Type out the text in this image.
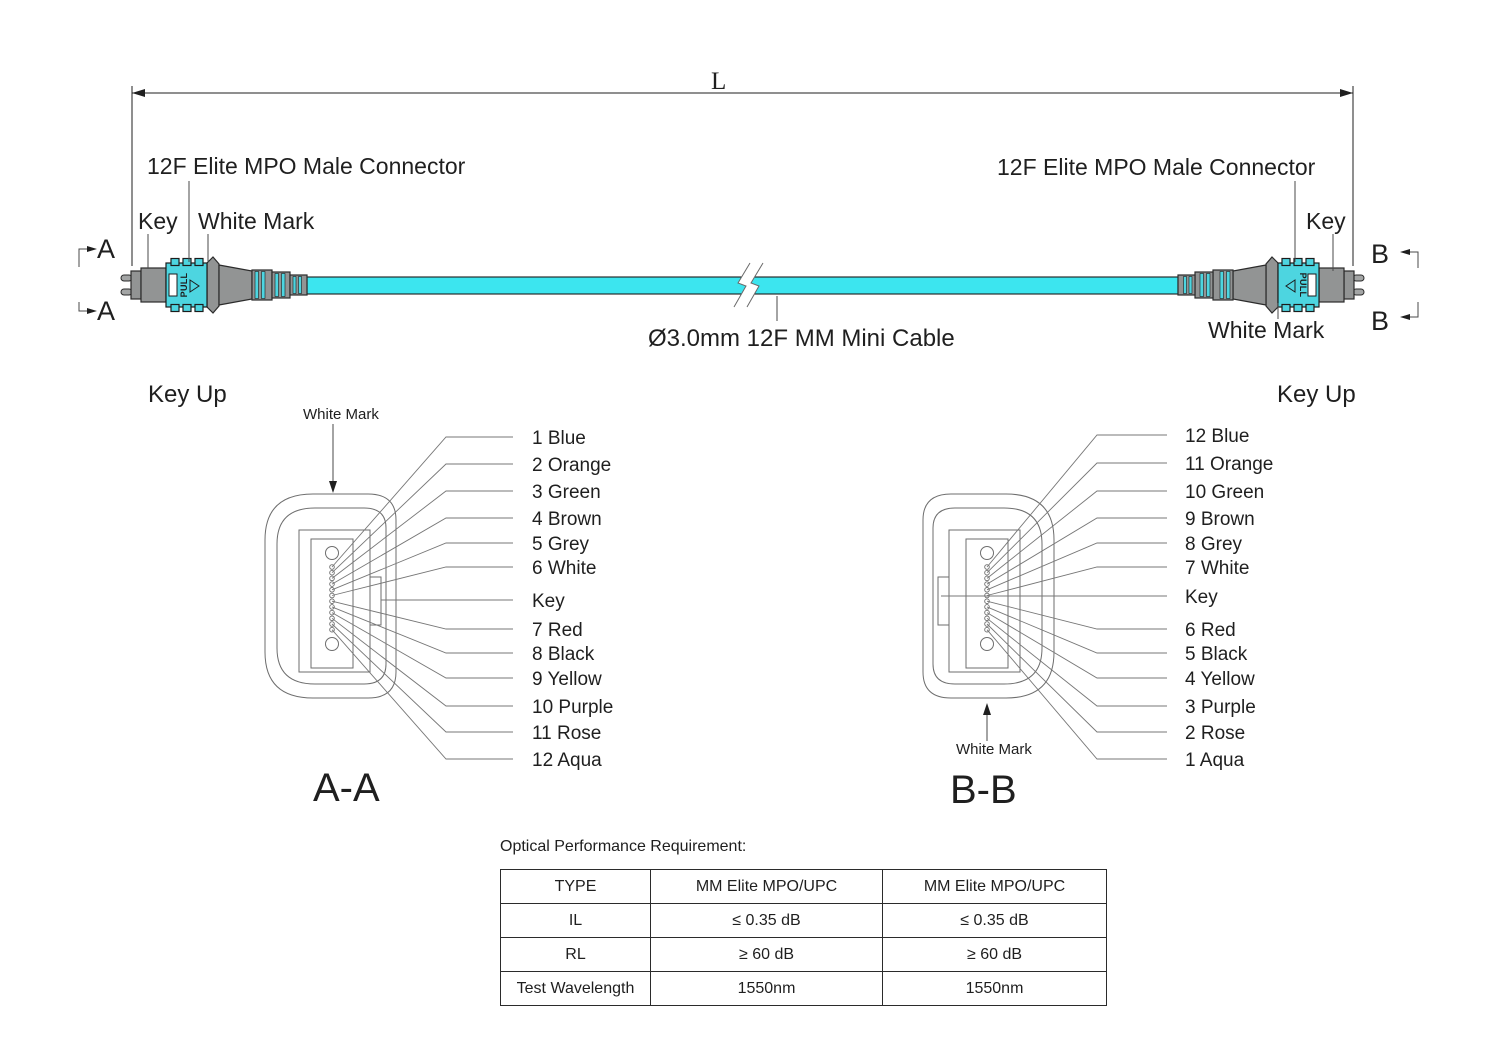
L
PULL	PULL
12F Elite MPO Male Connector
Key White Mark
12F Elite MPO Male Connector
Key
White Mark
Ø3.0mm 12F MM Mini Cable
A
A
B
B
Key Up
White Mark
1 Blue
2 Orange
3 Green
4 Brown
5 Grey
6 White
Key
7 Red
8 Black
9 Yellow
10 Purple
11 Rose
12 Aqua
A-A
Key Up
White Mark
12 Blue
11 Orange
10 Green
9 Brown
8 Grey
7 White
Key
6 Red
5 Black
4 Yellow
3 Purple
2 Rose
1 Aqua
B-B
Optical Performance Requirement:
TYPE	MM Elite MPO/UPC	MM Elite MPO/UPC
IL	≤ 0.35 dB	≤ 0.35 dB
RL	≥ 60 dB	≥ 60 dB
Test Wavelength	1550nm	1550nm
